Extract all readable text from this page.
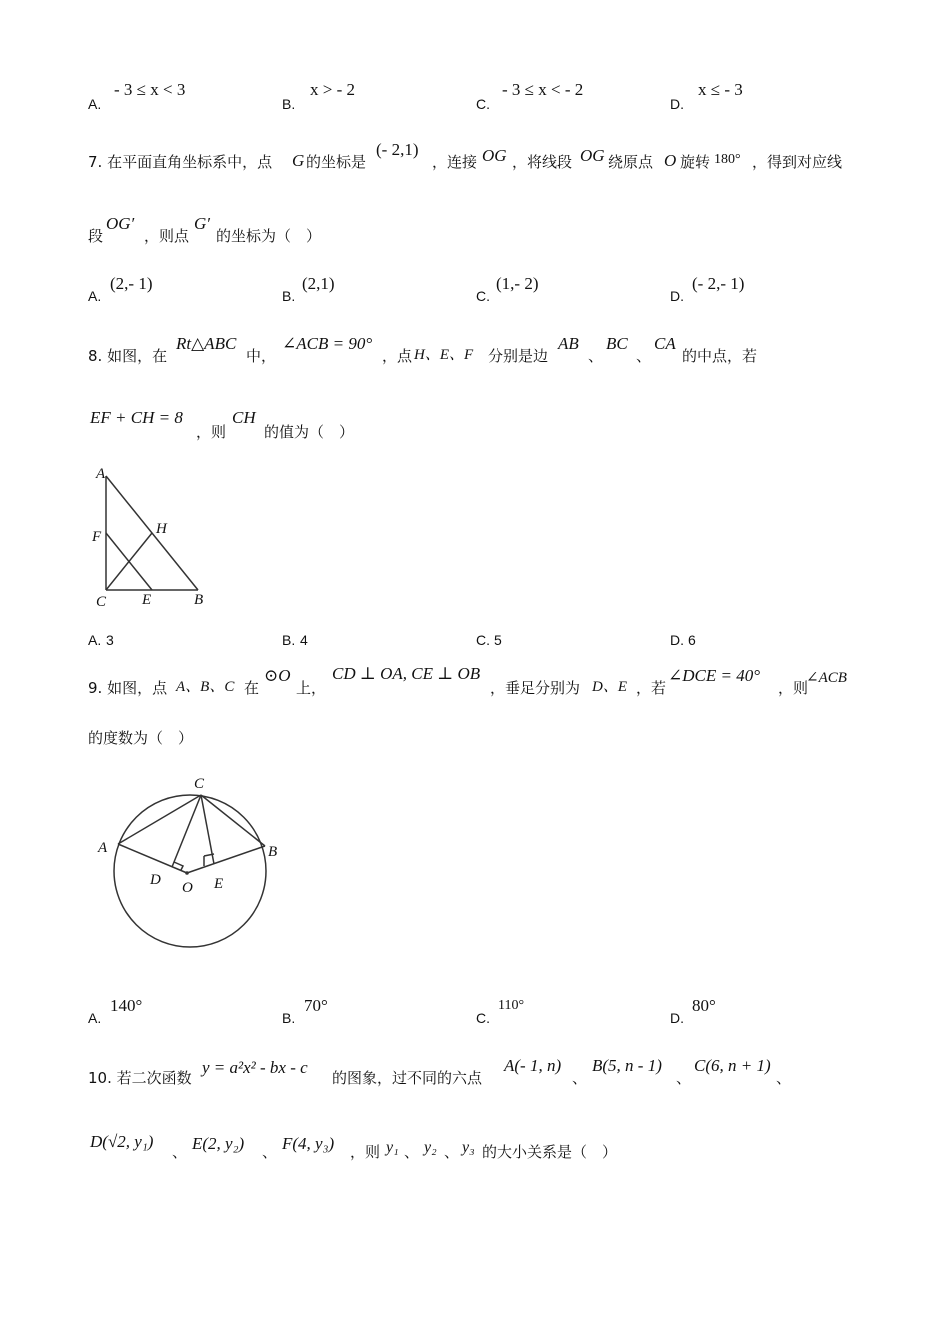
A.
- 3 ≤ x < 3
B.
x > - 2
C.
- 3 ≤ x < - 2
D.
x ≤ - 3
7. 在平面直角坐标系中，点 G 的坐标是
(- 2,1)
，连接 OG ，将线段 OG 绕原点 O 旋转 180° ，得到对应线
段
OG′
，则点
G′
的坐标为（　）
A.
(2,- 1)
B.
(2,1)
C.
(1,- 2)
D.
(- 2,- 1)
8. 如图，在
Rt△ABC
中，
∠ACB = 90°
，点 H、E、F 分别是边
AB
、
BC
、
CA
的中点，若
EF + CH = 8
，则
CH
的值为（　）
A
F	H
C E	B
A. 3	B. 4	C. 5	D. 6
9. 如图，点 A、B、C 在
⊙O
上，
CD ⊥ OA, CE ⊥ OB
，垂足分别为 D、E ，若
∠DCE = 40°
，则
∠ACB
的度数为（　）
C
A	B
D O E
A.
140°
B.
70°
C.
110°
D.
80°
10. 若二次函数
y = a²x² - bx - c
的图象，过不同的六点
A(- 1, n)
、
B(5, n - 1)
、
C(6, n + 1)
、
D(√2, y₁)
、 E(2, y₂) 、 F(4, y₃) ，则 y₁ 、 y₂ 、 y₃ 的大小关系是（　）
